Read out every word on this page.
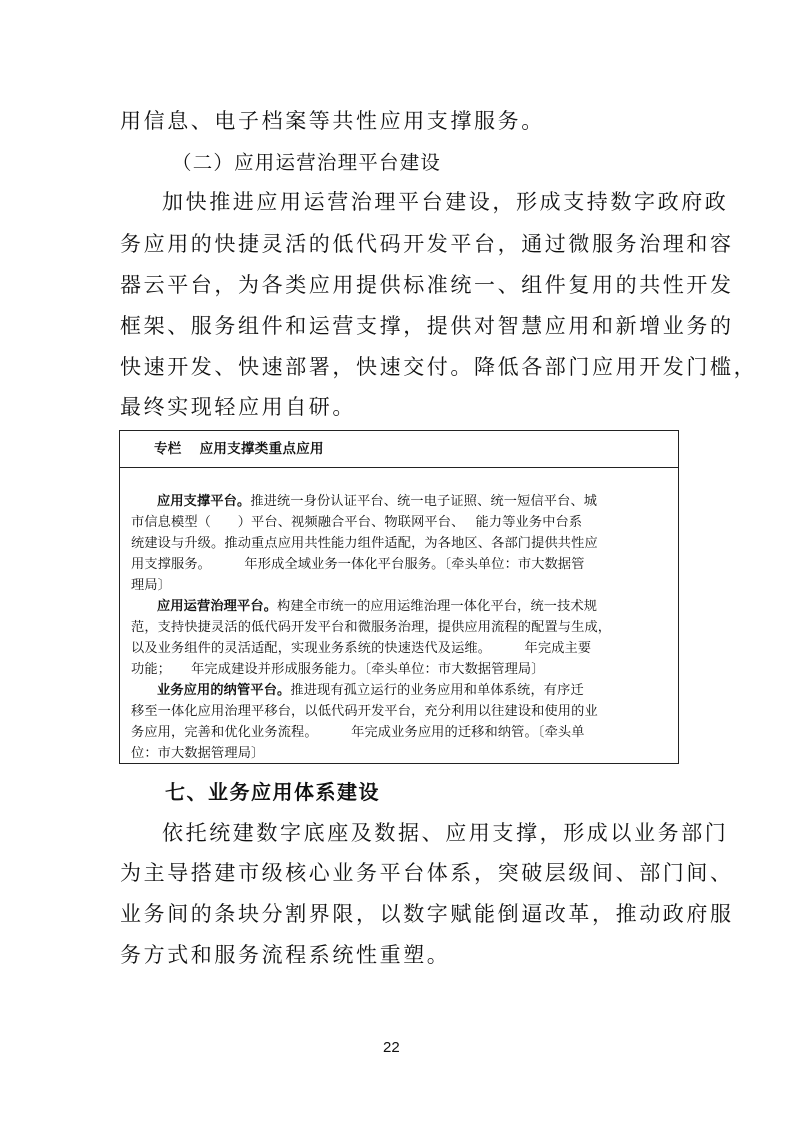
用信息、电子档案等共性应用支撑服务。
（二）应用运营治理平台建设
加快推进应用运营治理平台建设，形成支持数字政府政
务应用的快捷灵活的低代码开发平台，通过微服务治理和容
器云平台，为各类应用提供标准统一、组件复用的共性开发
框架、服务组件和运营支撑，提供对智慧应用和新增业务的
快速开发、快速部署，快速交付。降低各部门应用开发门槛，
最终实现轻应用自研。
专栏 应用支撑类重点应用
应用支撑平台。推进统一身份认证平台、统一电子证照、统一短信平台、城
市信息模型（　　）平台、视频融合平台、物联网平台、　 能力等业务中台系
统建设与升级。推动重点应用共性能力组件适配，为各地区、各部门提供共性应
用支撑服务。　　　年形成全域业务一体化平台服务。〔牵头单位：市大数据管
理局〕
应用运营治理平台。构建全市统一的应用运维治理一体化平台，统一技术规
范，支持快捷灵活的低代码开发平台和微服务治理，提供应用流程的配置与生成，
以及业务组件的灵活适配，实现业务系统的快速迭代及运维。　　　年完成主要
功能；　　年完成建设并形成服务能力。〔牵头单位：市大数据管理局〕
业务应用的纳管平台。推进现有孤立运行的业务应用和单体系统，有序迁
移至一体化应用治理平移台，以低代码开发平台，充分利用以往建设和使用的业
务应用，完善和优化业务流程。　　　年完成业务应用的迁移和纳管。〔牵头单
位：市大数据管理局〕
七、业务应用体系建设
依托统建数字底座及数据、应用支撑，形成以业务部门
为主导搭建市级核心业务平台体系，突破层级间、部门间、
业务间的条块分割界限，以数字赋能倒逼改革，推动政府服
务方式和服务流程系统性重塑。
22
